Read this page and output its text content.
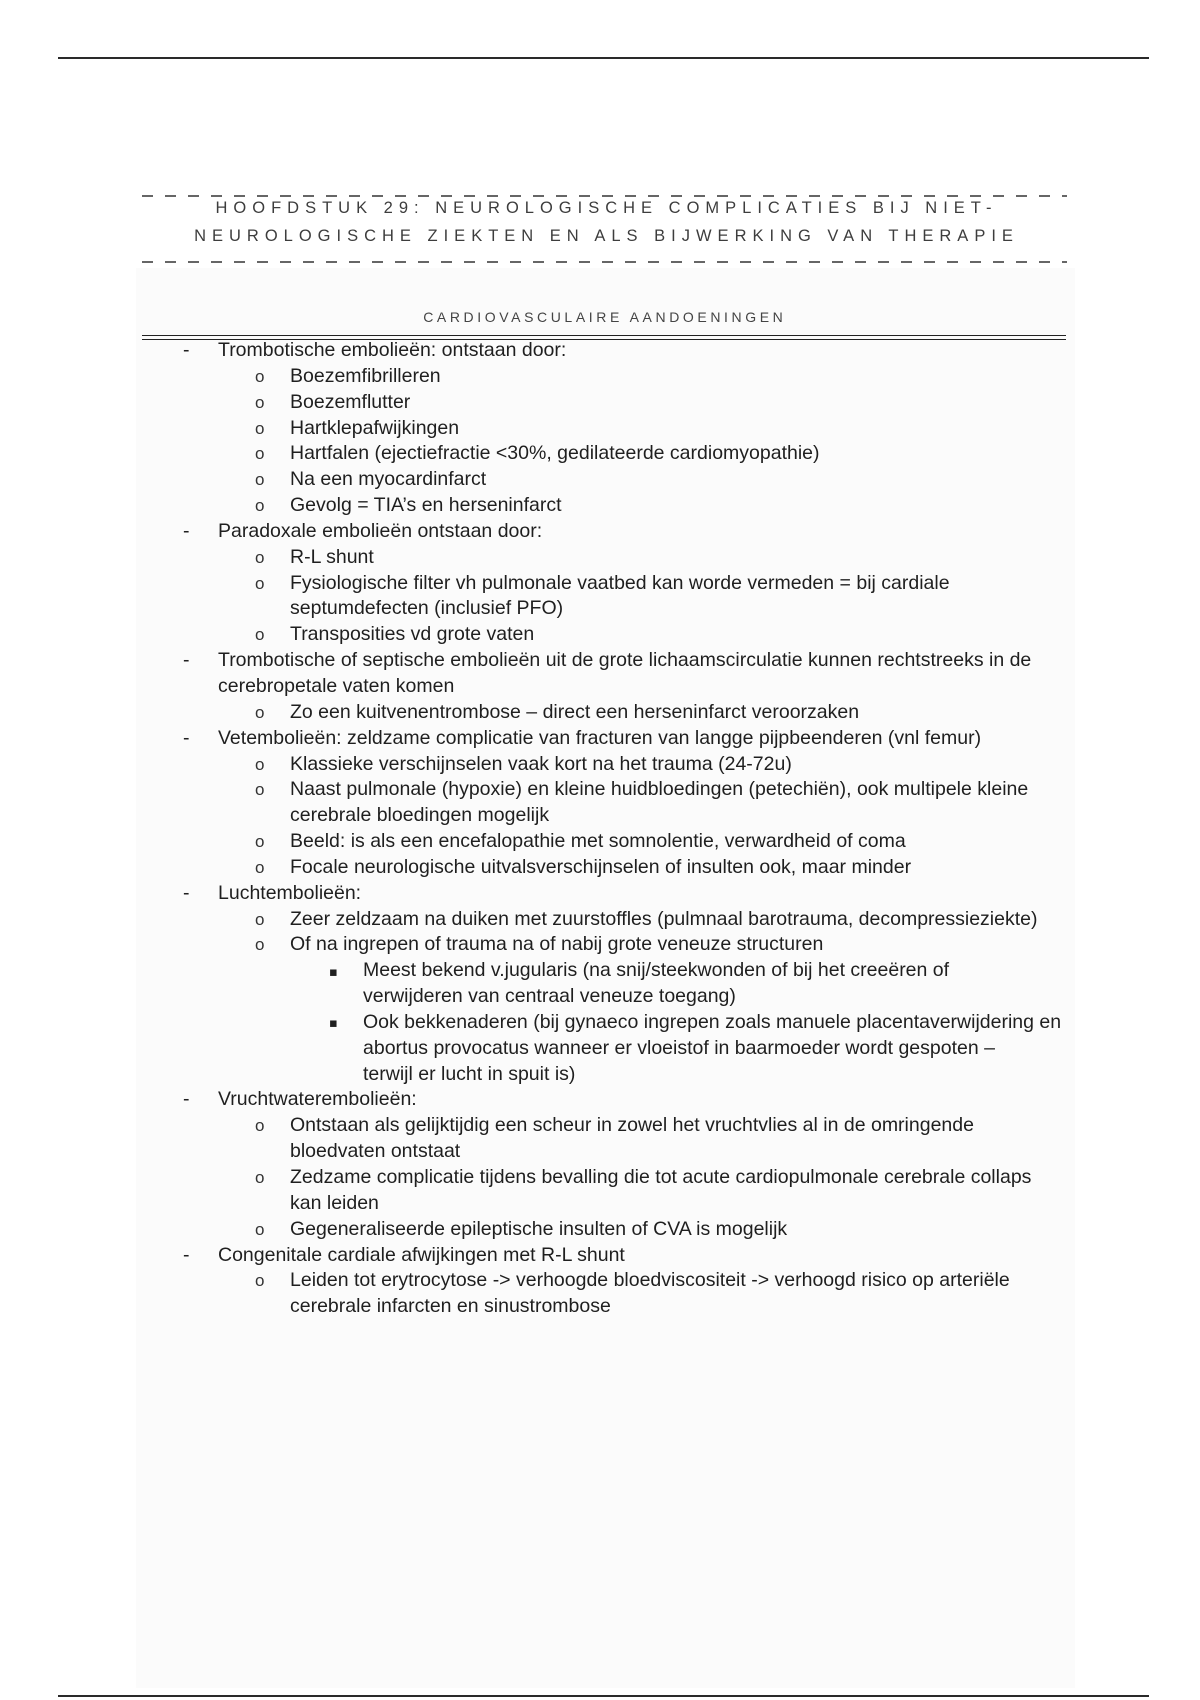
HOOFDSTUK 29: NEUROLOGISCHE COMPLICATIES BIJ NIET-
NEUROLOGISCHE ZIEKTEN EN ALS BIJWERKING VAN THERAPIE
CARDIOVASCULAIRE AANDOENINGEN
- Trombotische embolieën: ontstaan door:
o Boezemfibrilleren
o Boezemflutter
o Hartklepafwijkingen
o Hartfalen (ejectiefractie <30%, gedilateerde cardiomyopathie)
o Na een myocardinfarct
o Gevolg = TIA’s en herseninfarct
- Paradoxale embolieën ontstaan door:
o R-L shunt
o Fysiologische filter vh pulmonale vaatbed kan worde vermeden = bij cardiale
septumdefecten (inclusief PFO)
o Transposities vd grote vaten
- Trombotische of septische embolieën uit de grote lichaamscirculatie kunnen rechtstreeks in de
cerebropetale vaten komen
o Zo een kuitvenentrombose – direct een herseninfarct veroorzaken
- Vetembolieën: zeldzame complicatie van fracturen van langge pijpbeenderen (vnl femur)
o Klassieke verschijnselen vaak kort na het trauma (24-72u)
o Naast pulmonale (hypoxie) en kleine huidbloedingen (petechiën), ook multipele kleine
cerebrale bloedingen mogelijk
o Beeld: is als een encefalopathie met somnolentie, verwardheid of coma
o Focale neurologische uitvalsverschijnselen of insulten ook, maar minder
- Luchtembolieën:
o Zeer zeldzaam na duiken met zuurstoffles (pulmnaal barotrauma, decompressieziekte)
o Of na ingrepen of trauma na of nabij grote veneuze structuren
▪ Meest bekend v.jugularis (na snij/steekwonden of bij het creeëren of
verwijderen van centraal veneuze toegang)
▪ Ook bekkenaderen (bij gynaeco ingrepen zoals manuele placentaverwijdering en
abortus provocatus wanneer er vloeistof in baarmoeder wordt gespoten –
terwijl er lucht in spuit is)
- Vruchtwaterembolieën:
o Ontstaan als gelijktijdig een scheur in zowel het vruchtvlies al in de omringende
bloedvaten ontstaat
o Zedzame complicatie tijdens bevalling die tot acute cardiopulmonale cerebrale collaps
kan leiden
o Gegeneraliseerde epileptische insulten of CVA is mogelijk
- Congenitale cardiale afwijkingen met R-L shunt
o Leiden tot erytrocytose -> verhoogde bloedviscositeit -> verhoogd risico op arteriële
cerebrale infarcten en sinustrombose
